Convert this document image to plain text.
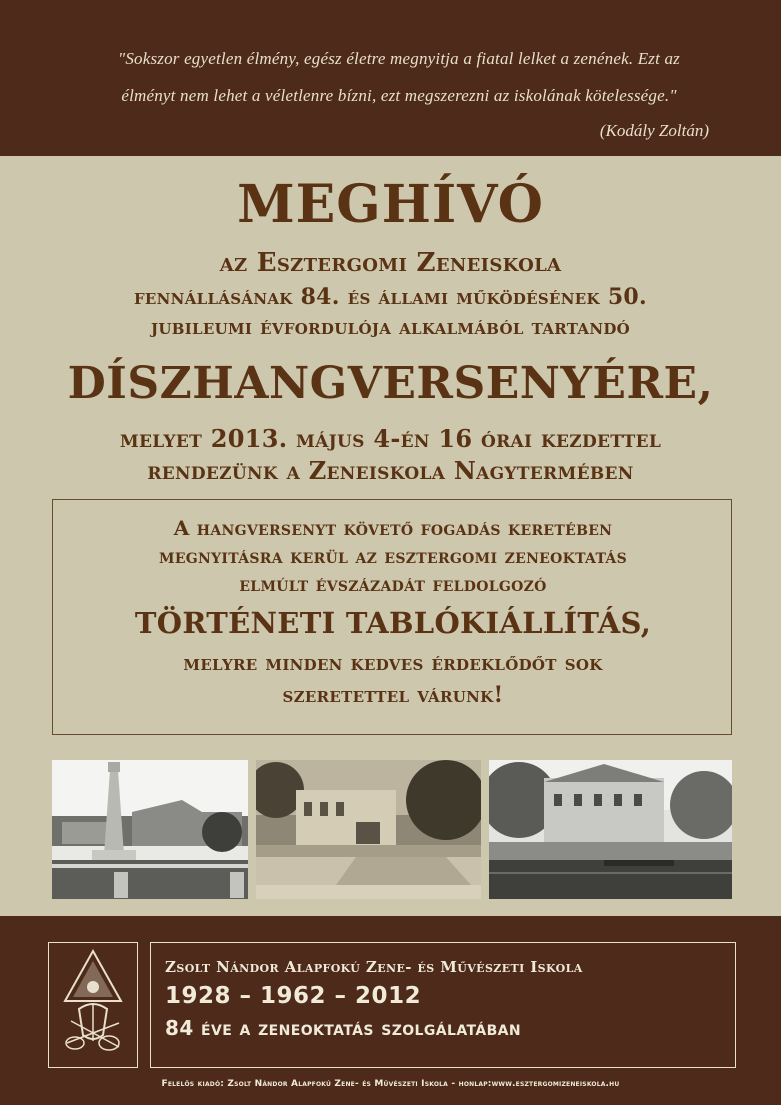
"Sokszor egyetlen élmény, egész életre megnyitja a fiatal lelket a zenének. Ezt az
élményt nem lehet a véletlenre bízni, ezt megszerezni az iskolának kötelessége."
(Kodály Zoltán)
MEGHÍVÓ
az Esztergomi Zeneiskola
fennállásának 84. és állami működésének 50.
jubileumi évfordulója alkalmából tartandó
DÍSZHANGVERSENYÉRE,
melyet 2013. május 4-én 16 órai kezdettel
rendezünk a Zeneiskola Nagytermében
A hangversenyt követő fogadás keretében
megnyitásra kerül az esztergomi zeneoktatás
elmúlt évszázadát feldolgozó
TÖRTÉNETI TABLÓKIÁLLÍTÁS,
melyre minden kedves érdeklődőt sok
szeretettel várunk!
Zsolt Nándor Alapfokú Zene- és Művészeti Iskola
1928 – 1962 – 2012
84 éve a zeneoktatás szolgálatában
Felelős kiadó: Zsolt Nándor Alapfokú Zene- és Művészeti Iskola - honlap:www.esztergomizeneiskola.hu
